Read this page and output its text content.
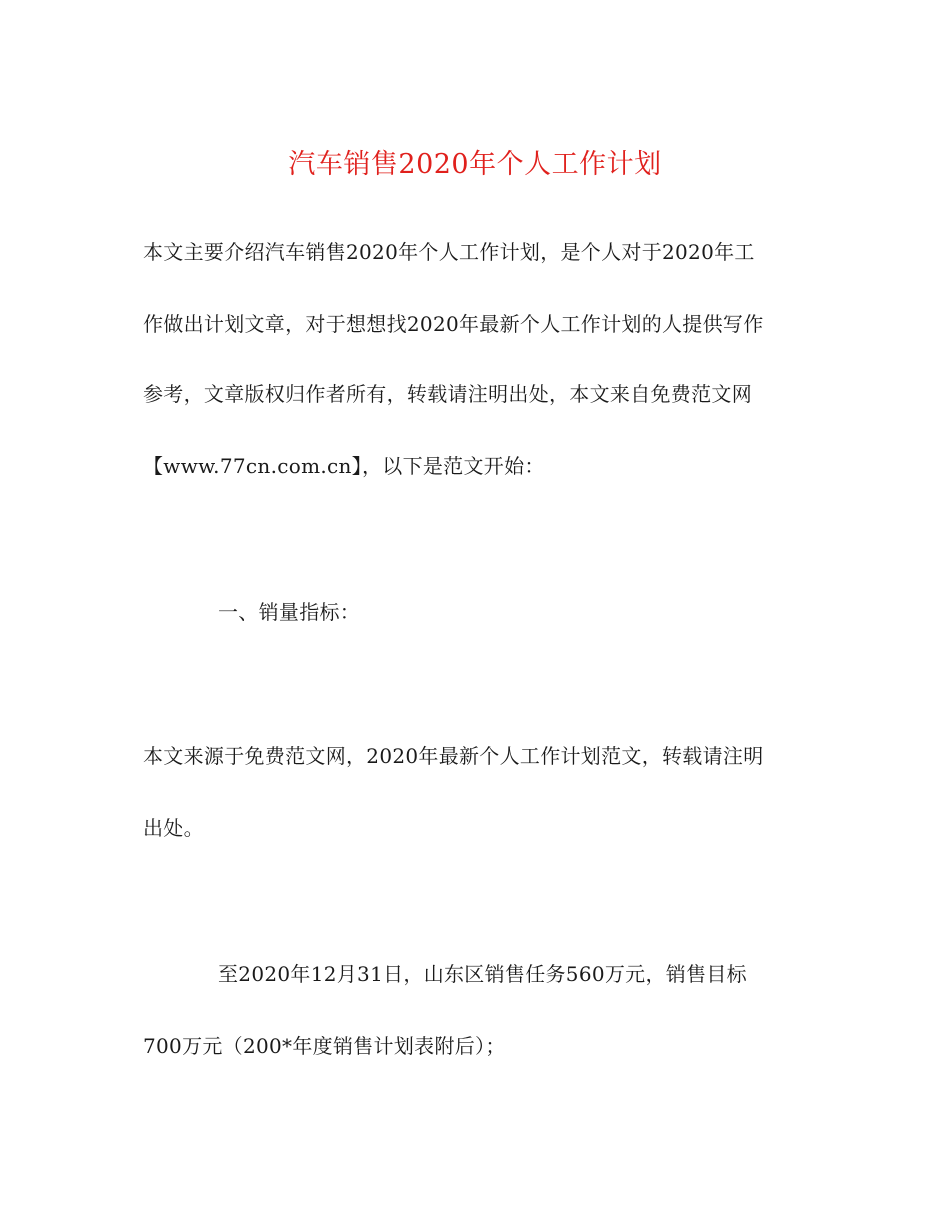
汽车销售2020年个人工作计划
本文主要介绍汽车销售2020年个人工作计划，是个人对于2020年工
作做出计划文章，对于想想找2020年最新个人工作计划的人提供写作
参考，文章版权归作者所有，转载请注明出处，本文来自免费范文网
【www.77cn.com.cn】，以下是范文开始：
一、销量指标：
本文来源于免费范文网，2020年最新个人工作计划范文，转载请注明
出处。
至2020年12月31日，山东区销售任务560万元，销售目标
700万元（200*年度销售计划表附后）；
